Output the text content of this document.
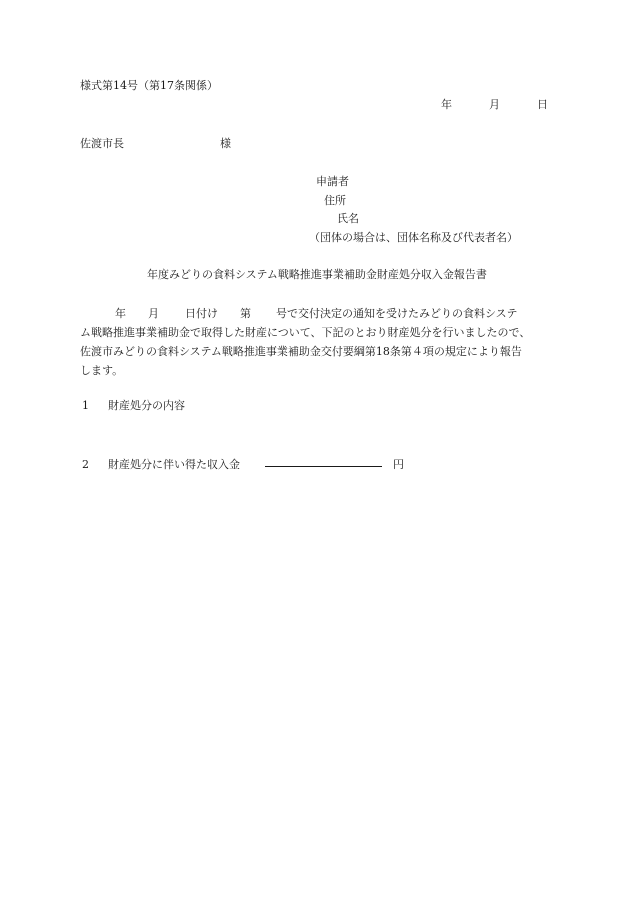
様式第14号（第17条関係）
年	月	日
佐渡市長	様
申請者
住所
氏名
（団体の場合は、団体名称及び代表者名）
年度みどりの食料システム戦略推進事業補助金財産処分収入金報告書
年 月 日付け 第 号で交付決定の通知を受けたみどりの食料システ
ム戦略推進事業補助金で取得した財産について、下記のとおり財産処分を行いましたので、
佐渡市みどりの食料システム戦略推進事業補助金交付要綱第18条第４項の規定により報告
します。
1 財産処分の内容
2 財産処分に伴い得た収入金	円
